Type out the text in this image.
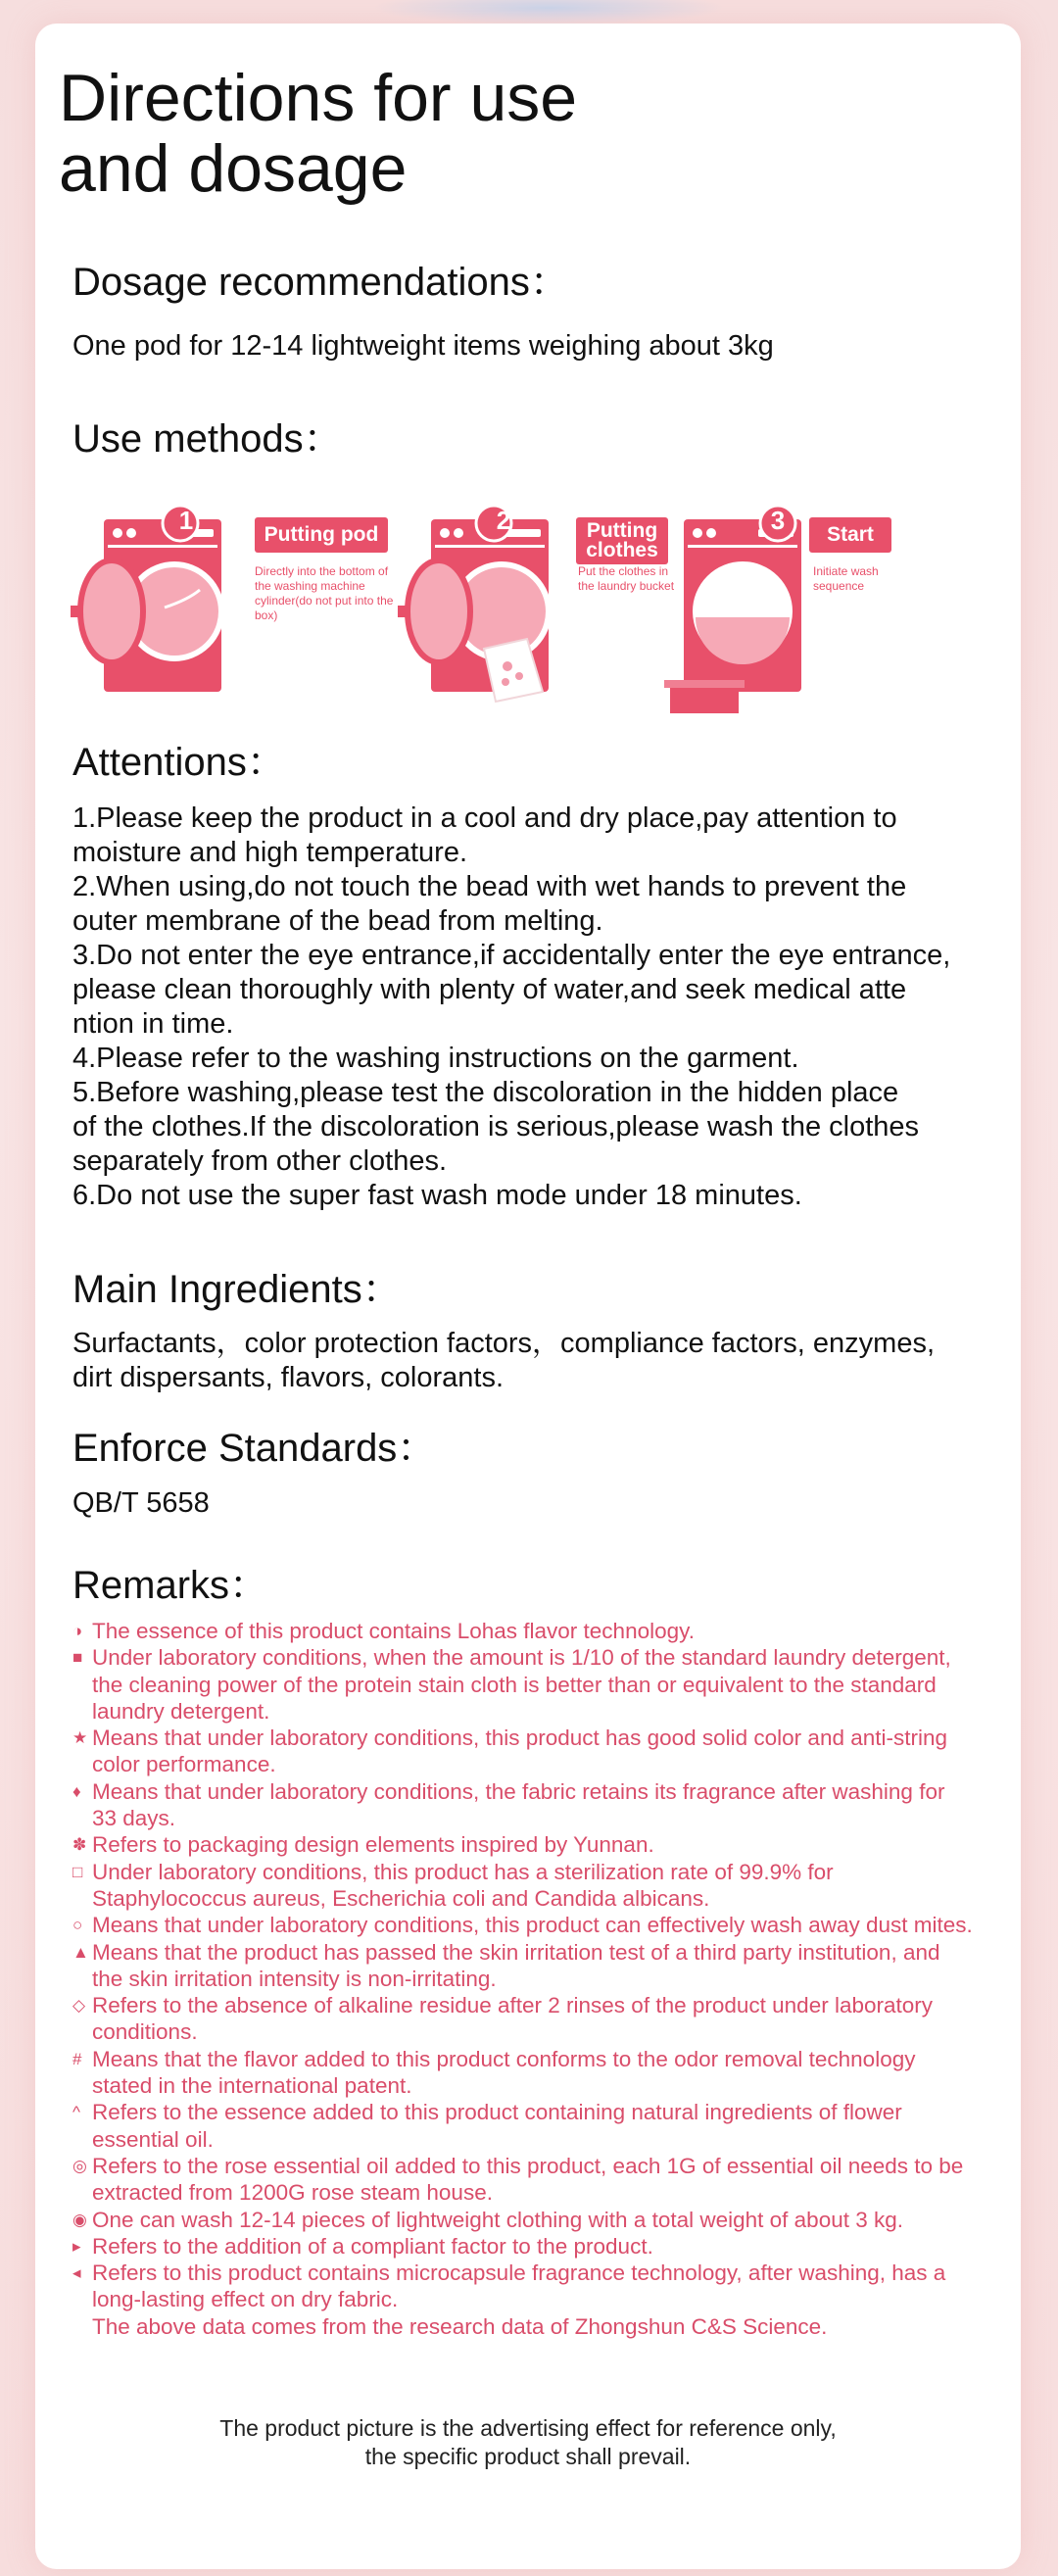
Directions for use
and dosage
Dosage recommendations：

One pod for 12-14 lightweight items weighing about 3kg

Use methods：
1	Putting pod
Directly into the bottom of the washing machine cylinder(do not put into the box)
2	Putting clothes
Put the clothes in the laundry bucket
3	Start
Initiate wash sequence
Attentions：
1.Please keep the product in a cool and dry place,pay attention to
moisture and high temperature.
2.When using,do not touch the bead with wet hands to prevent the
outer membrane of the bead from melting.
3.Do not enter the eye entrance,if accidentally enter the eye entrance,
please clean thoroughly with plenty of water,and seek medical atte
ntion in time.
4.Please refer to the washing instructions on the garment.
5.Before washing,please test the discoloration in the hidden place
of the clothes.If the discoloration is serious,please wash the clothes
separately from other clothes.
6.Do not use the super fast wash mode under 18 minutes.
Main Ingredients：
Surfactants，color protection factors，compliance factors, enzymes,
dirt dispersants, flavors, colorants.
Enforce Standards：

QB/T 5658

Remarks：
◑ The essence of this product contains Lohas flavor technology.
■ Under laboratory conditions, when the amount is 1/10 of the standard laundry detergent,
the cleaning power of the protein stain cloth is better than or equivalent to the standard
laundry detergent.
★ Means that under laboratory conditions, this product has good solid color and anti-string
color performance.
♦ Means that under laboratory conditions, the fabric retains its fragrance after washing for
33 days.
✽ Refers to packaging design elements inspired by Yunnan.
□ Under laboratory conditions, this product has a sterilization rate of 99.9% for
Staphylococcus aureus, Escherichia coli and Candida albicans.
○ Means that under laboratory conditions, this product can effectively wash away dust mites.
▲ Means that the product has passed the skin irritation test of a third party institution, and
the skin irritation intensity is non-irritating.
◇ Refers to the absence of alkaline residue after 2 rinses of the product under laboratory
conditions.
# Means that the flavor added to this product conforms to the odor removal technology
stated in the international patent.
^ Refers to the essence added to this product containing natural ingredients of flower
essential oil.
◎ Refers to the rose essential oil added to this product, each 1G of essential oil needs to be
extracted from 1200G rose steam house.
◉ One can wash 12-14 pieces of lightweight clothing with a total weight of about 3 kg.
▸ Refers to the addition of a compliant factor to the product.
◂ Refers to this product contains microcapsule fragrance technology, after washing, has a
long-lasting effect on dry fabric.
The above data comes from the research data of Zhongshun C&S Science.
The product picture is the advertising effect for reference only,
the specific product shall prevail.
